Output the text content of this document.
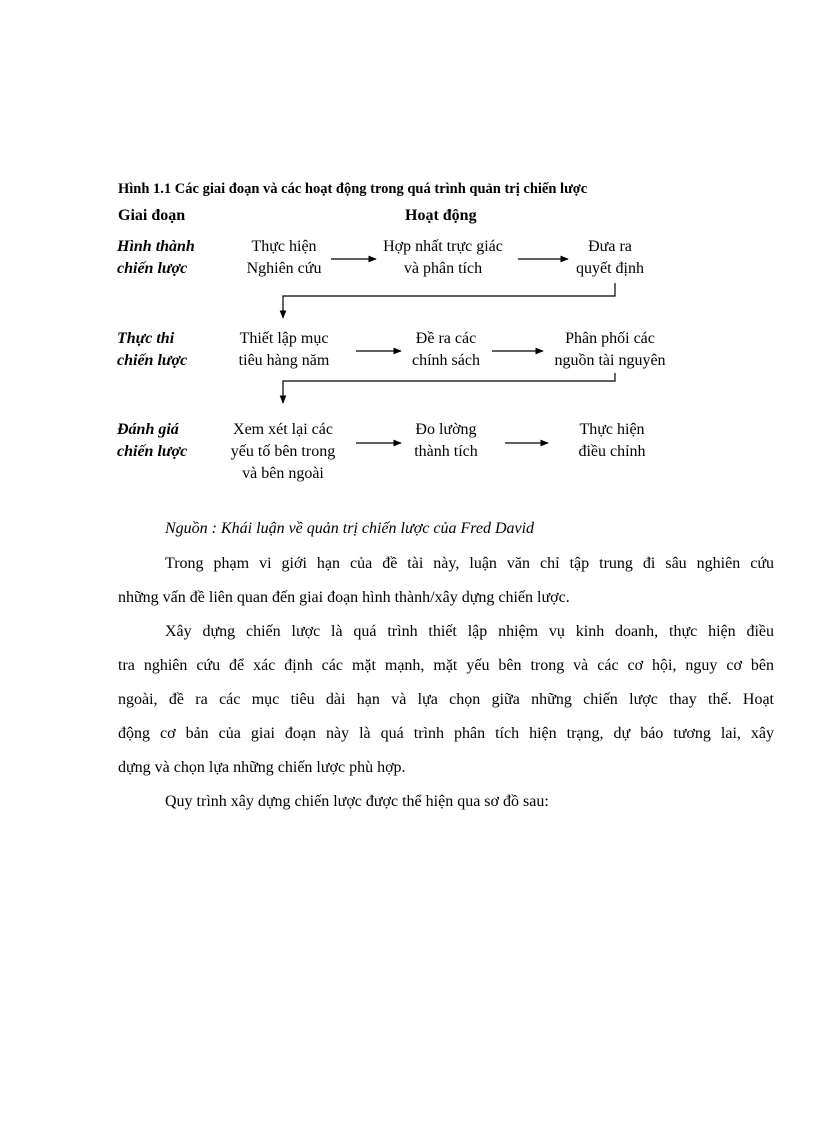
Hình 1.1 Các giai đoạn và các hoạt động trong quá trình quản trị chiến lược
Giai đoạn	Hoạt động
Hình thành
chiến lược
Thực hiện
Nghiên cứu
Hợp nhất trực giác
và phân tích
Đưa ra
quyết định
Thực thi
chiến lược
Thiết lập mục
tiêu hàng năm
Đề ra các
chính sách
Phân phối các
nguồn tài nguyên
Đánh giá
chiến lược
Xem xét lại các
yếu tố bên trong
và bên ngoài
Đo lường
thành tích
Thực hiện
điều chỉnh
Nguồn : Khái luận về quản trị chiến lược của Fred David

Trong phạm vi giới hạn của đề tài này, luận văn chỉ tập trung đi sâu nghiên cứu
những vấn đề liên quan đến giai đoạn hình thành/xây dựng chiến lược.

Xây dựng chiến lược là quá trình thiết lập nhiệm vụ kinh doanh, thực hiện điều
tra nghiên cứu để xác định các mặt mạnh, mặt yếu bên trong và các cơ hội, nguy cơ bên
ngoài, đề ra các mục tiêu dài hạn và lựa chọn giữa những chiến lược thay thế. Hoạt
động cơ bản của giai đoạn này là quá trình phân tích hiện trạng, dự báo tương lai, xây
dựng và chọn lựa những chiến lược phù hợp.

Quy trình xây dựng chiến lược được thể hiện qua sơ đồ sau:
